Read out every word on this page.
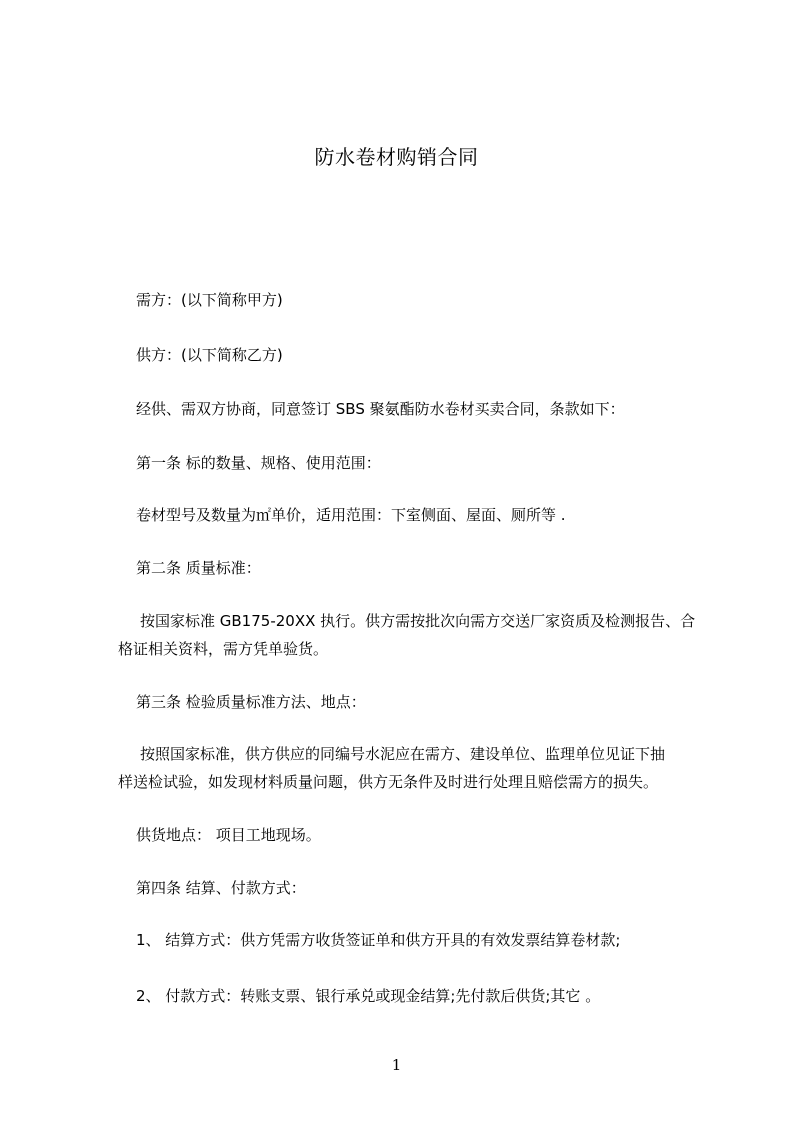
防水卷材购销合同
需方：(以下简称甲方)
供方：(以下简称乙方)
经供、需双方协商，同意签订 SBS 聚氨酯防水卷材买卖合同，条款如下：
第一条 标的数量、规格、使用范围：
卷材型号及数量为㎡单价，适用范围：下室侧面、屋面、厕所等 .
第二条 质量标准：
按国家标准 GB175-20XX 执行。供方需按批次向需方交送厂家资质及检测报告、合
格证相关资料，需方凭单验货。
第三条 检验质量标准方法、地点：
按照国家标准，供方供应的同编号水泥应在需方、建设单位、监理单位见证下抽
样送检试验，如发现材料质量问题，供方无条件及时进行处理且赔偿需方的损失。
供货地点： 项目工地现场。
第四条 结算、付款方式：
1、 结算方式：供方凭需方收货签证单和供方开具的有效发票结算卷材款;
2、 付款方式：转账支票、银行承兑或现金结算;先付款后供货;其它 。
1
